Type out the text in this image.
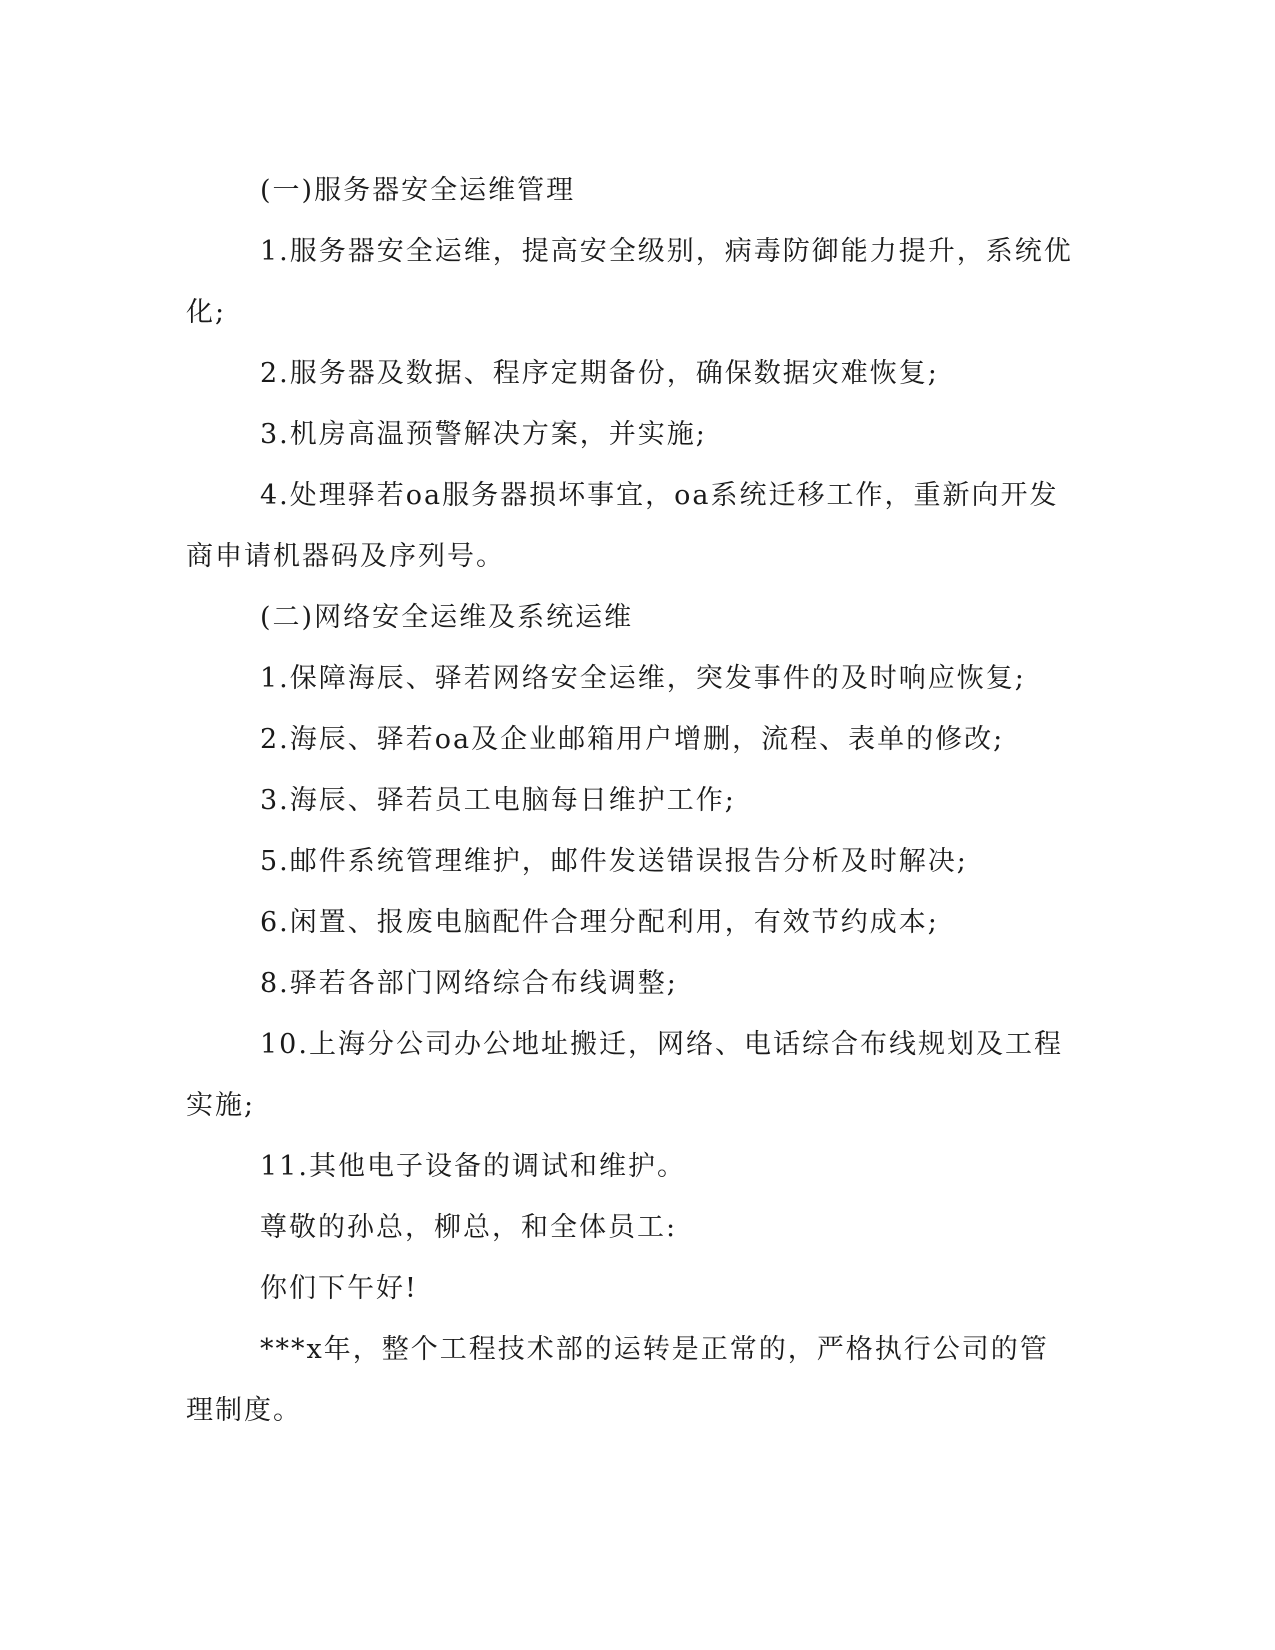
(一)服务器安全运维管理

1.服务器安全运维，提高安全级别，病毒防御能力提升，系统优化;

2.服务器及数据、程序定期备份，确保数据灾难恢复;

3.机房高温预警解决方案，并实施;

4.处理驿若oa服务器损坏事宜，oa系统迁移工作，重新向开发商申请机器码及序列号。

(二)网络安全运维及系统运维

1.保障海辰、驿若网络安全运维，突发事件的及时响应恢复;

2.海辰、驿若oa及企业邮箱用户增删，流程、表单的修改;

3.海辰、驿若员工电脑每日维护工作;

5.邮件系统管理维护，邮件发送错误报告分析及时解决;

6.闲置、报废电脑配件合理分配利用，有效节约成本;

8.驿若各部门网络综合布线调整;

10.上海分公司办公地址搬迁，网络、电话综合布线规划及工程实施;

11.其他电子设备的调试和维护。

尊敬的孙总，柳总，和全体员工:

你们下午好!

***x年，整个工程技术部的运转是正常的，严格执行公司的管理制度。
